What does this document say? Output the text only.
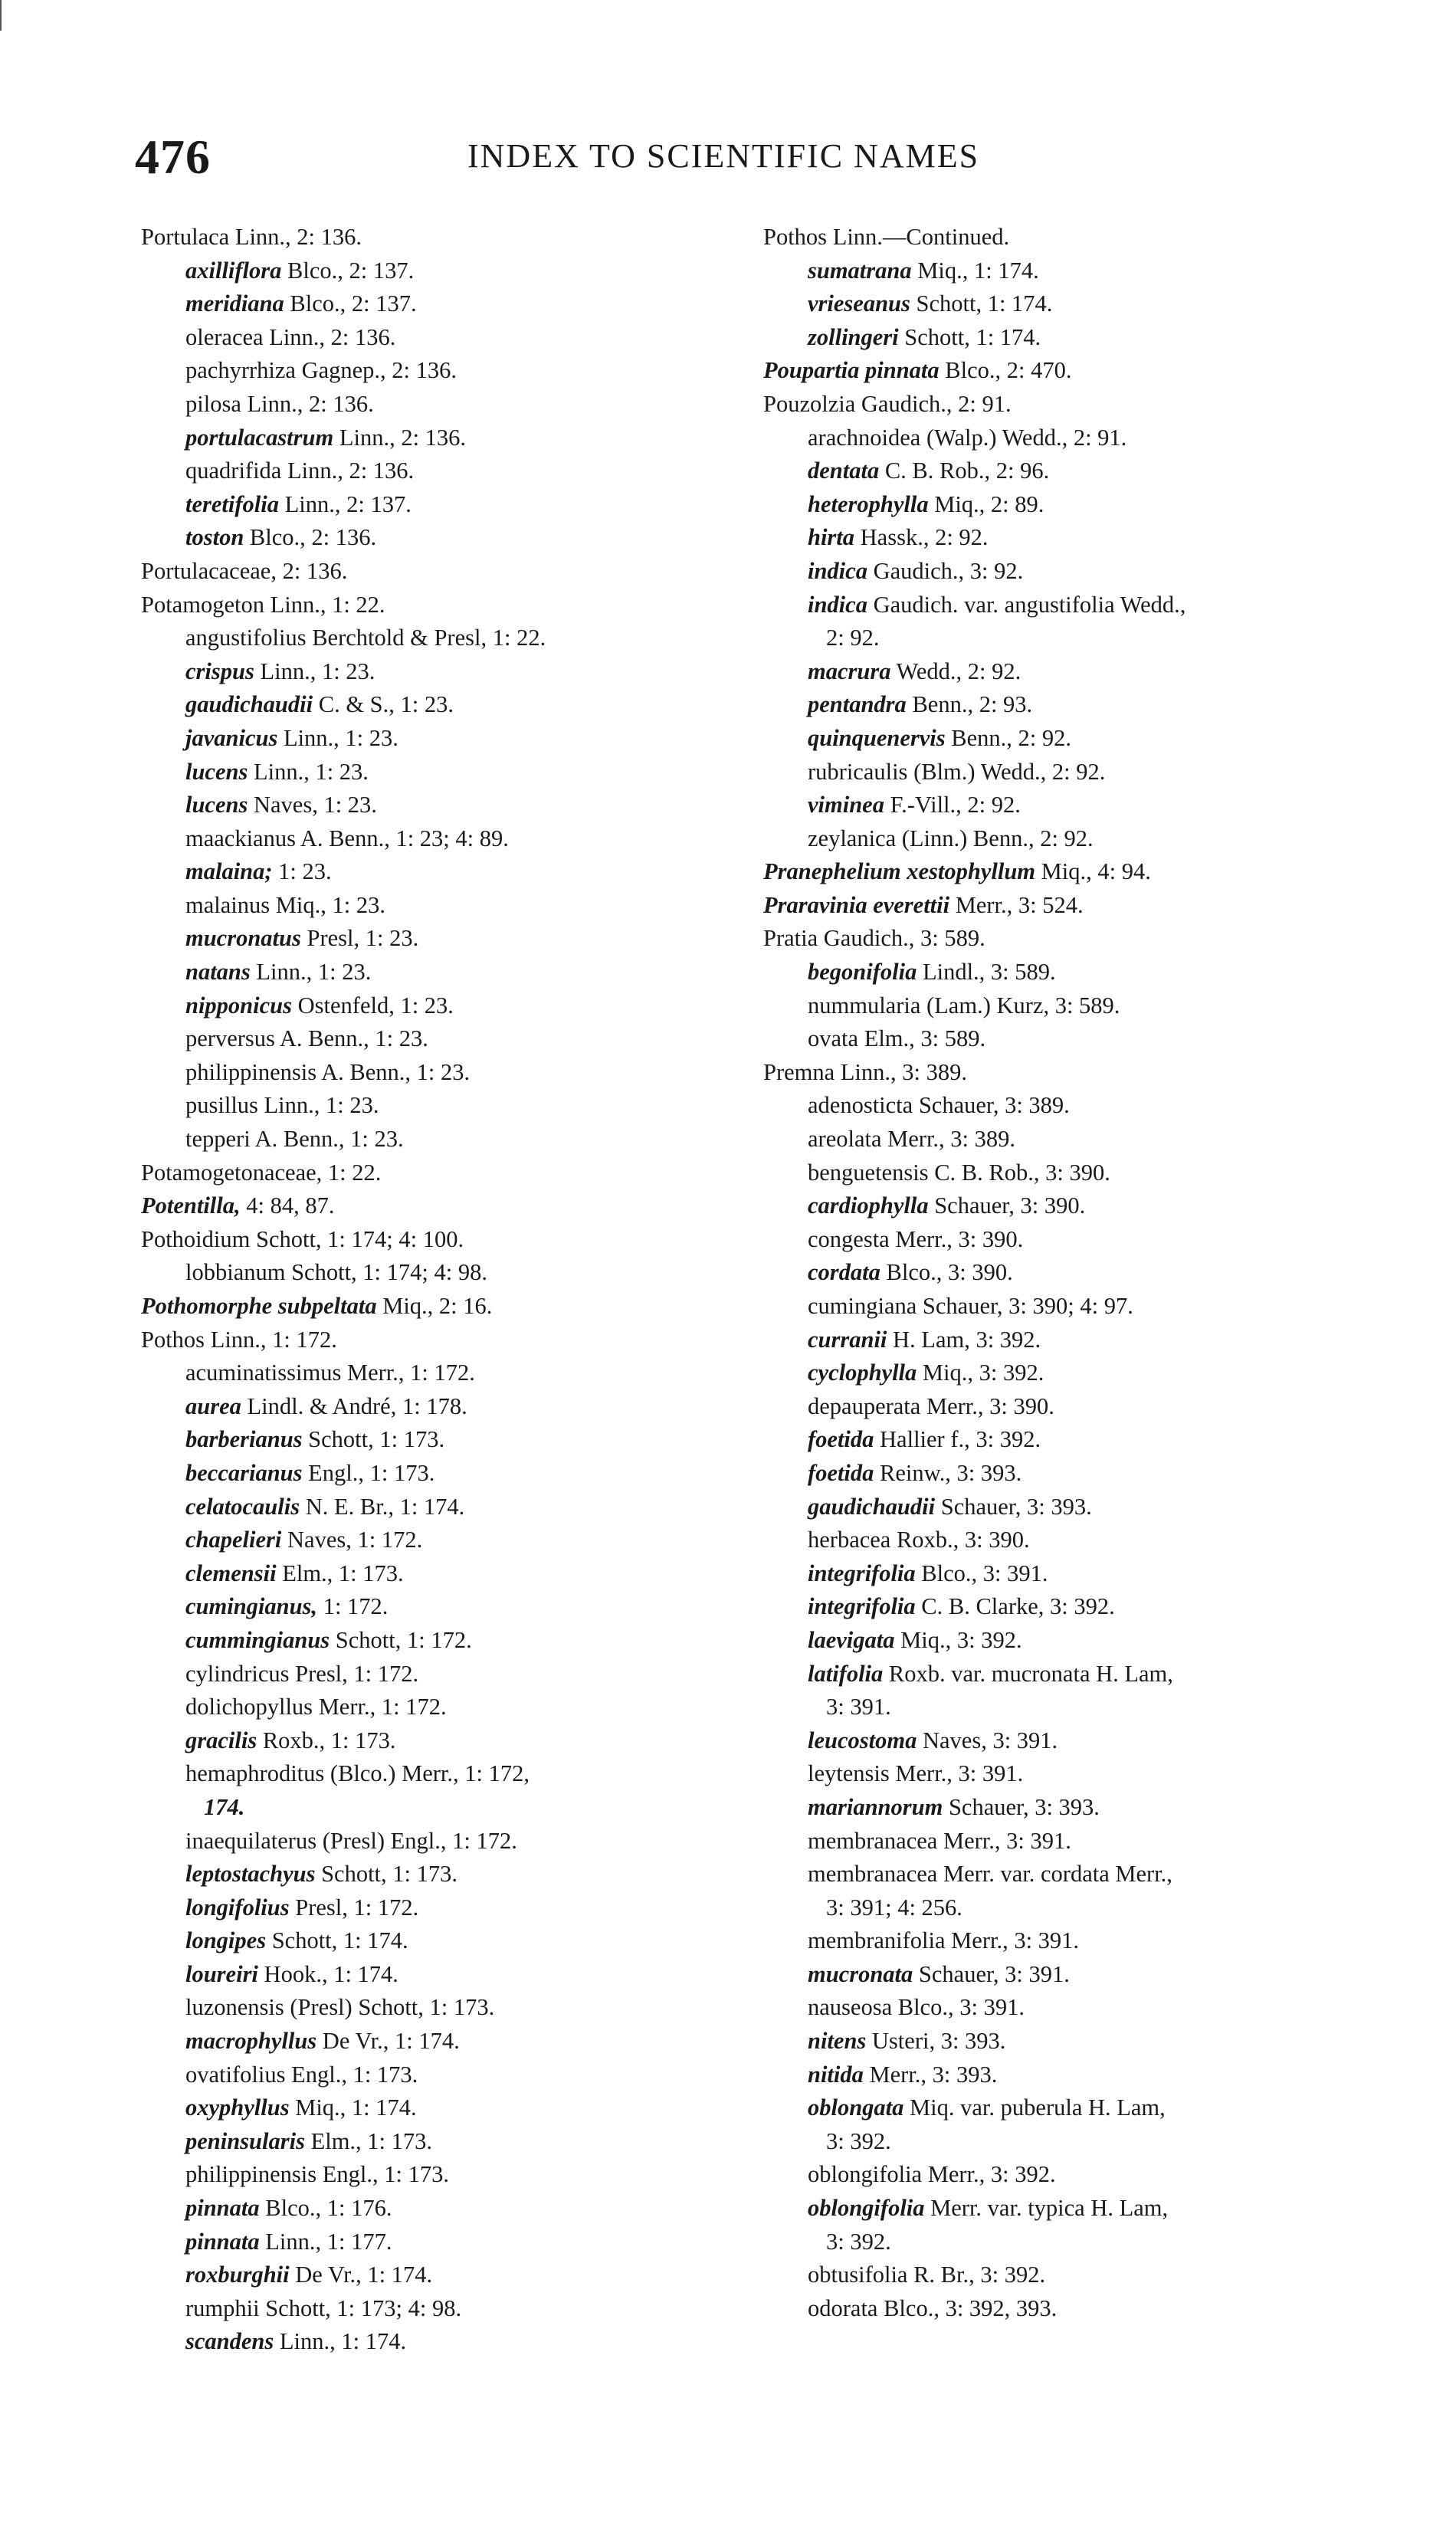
476	INDEX TO SCIENTIFIC NAMES
Portulaca Linn., 2: 136.
axilliflora Blco., 2: 137.
meridiana Blco., 2: 137.
oleracea Linn., 2: 136.
pachyrrhiza Gagnep., 2: 136.
pilosa Linn., 2: 136.
portulacastrum Linn., 2: 136.
quadrifida Linn., 2: 136.
teretifolia Linn., 2: 137.
toston Blco., 2: 136.
Portulacaceae, 2: 136.
Potamogeton Linn., 1: 22.
angustifolius Berchtold & Presl, 1: 22.
crispus Linn., 1: 23.
gaudichaudii C. & S., 1: 23.
javanicus Linn., 1: 23.
lucens Linn., 1: 23.
lucens Naves, 1: 23.
maackianus A. Benn., 1: 23; 4: 89.
malaina; 1: 23.
malainus Miq., 1: 23.
mucronatus Presl, 1: 23.
natans Linn., 1: 23.
nipponicus Ostenfeld, 1: 23.
perversus A. Benn., 1: 23.
philippinensis A. Benn., 1: 23.
pusillus Linn., 1: 23.
tepperi A. Benn., 1: 23.
Potamogetonaceae, 1: 22.
Potentilla, 4: 84, 87.
Pothoidium Schott, 1: 174; 4: 100.
lobbianum Schott, 1: 174; 4: 98.
Pothomorphe subpeltata Miq., 2: 16.
Pothos Linn., 1: 172.
acuminatissimus Merr., 1: 172.
aurea Lindl. & André, 1: 178.
barberianus Schott, 1: 173.
beccarianus Engl., 1: 173.
celatocaulis N. E. Br., 1: 174.
chapelieri Naves, 1: 172.
clemensii Elm., 1: 173.
cumingianus, 1: 172.
cummingianus Schott, 1: 172.
cylindricus Presl, 1: 172.
dolichopyllus Merr., 1: 172.
gracilis Roxb., 1: 173.
hemaphroditus (Blco.) Merr., 1: 172,
174.
inaequilaterus (Presl) Engl., 1: 172.
leptostachyus Schott, 1: 173.
longifolius Presl, 1: 172.
longipes Schott, 1: 174.
loureiri Hook., 1: 174.
luzonensis (Presl) Schott, 1: 173.
macrophyllus De Vr., 1: 174.
ovatifolius Engl., 1: 173.
oxyphyllus Miq., 1: 174.
peninsularis Elm., 1: 173.
philippinensis Engl., 1: 173.
pinnata Blco., 1: 176.
pinnata Linn., 1: 177.
roxburghii De Vr., 1: 174.
rumphii Schott, 1: 173; 4: 98.
scandens Linn., 1: 174.
Pothos Linn.—Continued.
sumatrana Miq., 1: 174.
vrieseanus Schott, 1: 174.
zollingeri Schott, 1: 174.
Poupartia pinnata Blco., 2: 470.
Pouzolzia Gaudich., 2: 91.
arachnoidea (Walp.) Wedd., 2: 91.
dentata C. B. Rob., 2: 96.
heterophylla Miq., 2: 89.
hirta Hassk., 2: 92.
indica Gaudich., 3: 92.
indica Gaudich. var. angustifolia Wedd.,
2: 92.
macrura Wedd., 2: 92.
pentandra Benn., 2: 93.
quinquenervis Benn., 2: 92.
rubricaulis (Blm.) Wedd., 2: 92.
viminea F.-Vill., 2: 92.
zeylanica (Linn.) Benn., 2: 92.
Pranephelium xestophyllum Miq., 4: 94.
Praravinia everettii Merr., 3: 524.
Pratia Gaudich., 3: 589.
begonifolia Lindl., 3: 589.
nummularia (Lam.) Kurz, 3: 589.
ovata Elm., 3: 589.
Premna Linn., 3: 389.
adenosticta Schauer, 3: 389.
areolata Merr., 3: 389.
benguetensis C. B. Rob., 3: 390.
cardiophylla Schauer, 3: 390.
congesta Merr., 3: 390.
cordata Blco., 3: 390.
cumingiana Schauer, 3: 390; 4: 97.
curranii H. Lam, 3: 392.
cyclophylla Miq., 3: 392.
depauperata Merr., 3: 390.
foetida Hallier f., 3: 392.
foetida Reinw., 3: 393.
gaudichaudii Schauer, 3: 393.
herbacea Roxb., 3: 390.
integrifolia Blco., 3: 391.
integrifolia C. B. Clarke, 3: 392.
laevigata Miq., 3: 392.
latifolia Roxb. var. mucronata H. Lam,
3: 391.
leucostoma Naves, 3: 391.
leytensis Merr., 3: 391.
mariannorum Schauer, 3: 393.
membranacea Merr., 3: 391.
membranacea Merr. var. cordata Merr.,
3: 391; 4: 256.
membranifolia Merr., 3: 391.
mucronata Schauer, 3: 391.
nauseosa Blco., 3: 391.
nitens Usteri, 3: 393.
nitida Merr., 3: 393.
oblongata Miq. var. puberula H. Lam,
3: 392.
oblongifolia Merr., 3: 392.
oblongifolia Merr. var. typica H. Lam,
3: 392.
obtusifolia R. Br., 3: 392.
odorata Blco., 3: 392, 393.
